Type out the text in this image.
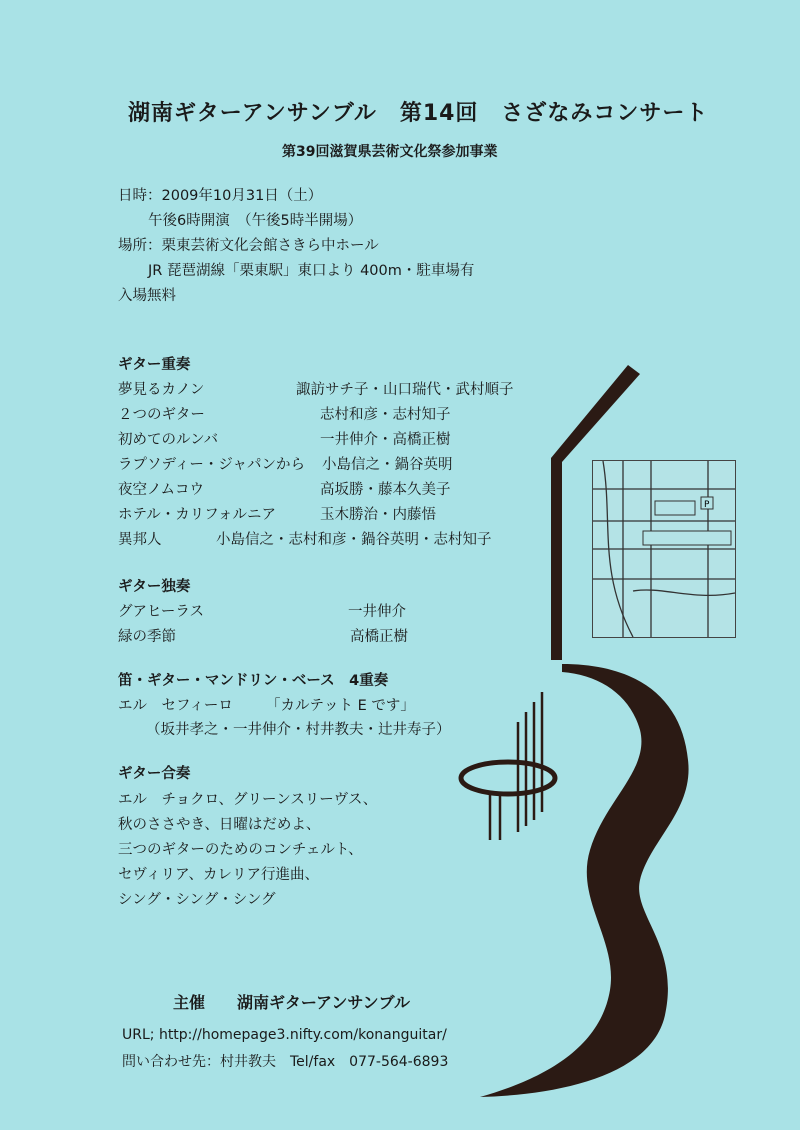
P
湖南ギターアンサンブル　第14回　さざなみコンサート
第39回滋賀県芸術文化祭参加事業
日時：2009年10月31日（土）
午後6時開演　（午後5時半開場）
場所：栗東芸術文化会館さきら中ホール
JR 琵琶湖線「栗東駅」東口より 400m・駐車場有
入場無料
ギター重奏
夢見るカノン	諏訪サチ子・山口瑞代・武村順子
２つのギター	志村和彦・志村知子
初めてのルンバ	一井伸介・高橋正樹
ラプソディー・ジャパンから 小島信之・鍋谷英明
夜空ノムコウ	高坂勝・藤本久美子
ホテル・カリフォルニア	玉木勝治・内藤悟
異邦人	小島信之・志村和彦・鍋谷英明・志村知子
ギター独奏
グアヒーラス	一井伸介
緑の季節	高橋正樹
笛・ギター・マンドリン・ベース　4重奏
エル　セフィーロ 「カルテット E です」
（坂井孝之・一井伸介・村井教夫・辻井寿子）
ギター合奏
エル　チョクロ、グリーンスリーヴス、
秋のささやき、日曜はだめよ、
三つのギターのためのコンチェルト、
セヴィリア、カレリア行進曲、
シング・シング・シング
主催　　湖南ギターアンサンブル
URL; http://homepage3.nifty.com/konanguitar/
問い合わせ先：村井教夫　Tel/fax　077-564-6893
